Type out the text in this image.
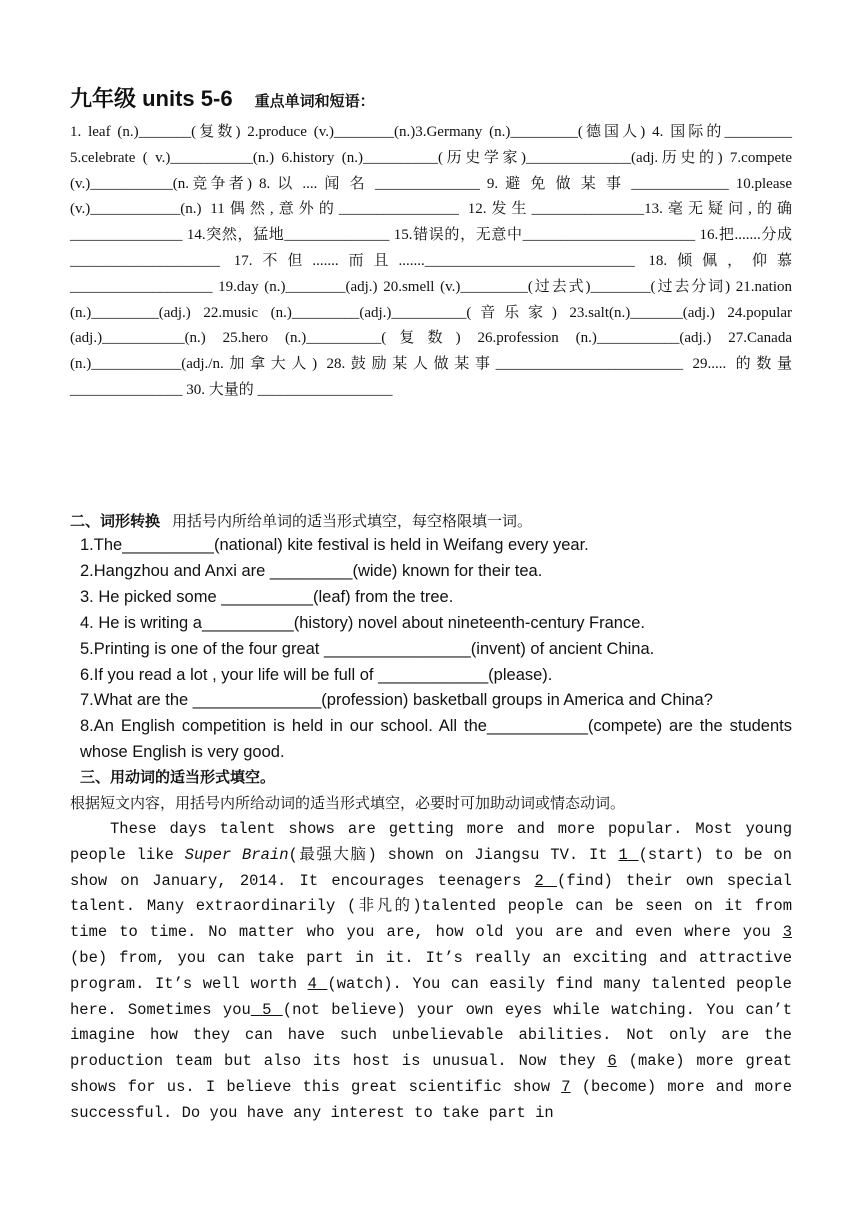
九年级 units 5-6 重点单词和短语：
1. leaf (n.)_______(复数) 2.produce (v.)________(n.)3.Germany (n.)_________(德国人) 4. 国际的_________ 5.celebrate ( v.)___________(n.) 6.history (n.)__________(历史学家)______________(adj.历史的) 7.compete (v.)___________(n.竞争者) 8. 以 .... 闻 名 ______________ 9. 避 免 做 某 事 _____________ 10.please (v.)____________(n.) 11偶然,意外的________________ 12.发生_______________13.毫无疑问,的确_______________ 14.突然，猛地______________ 15.错误的，无意中_______________________ 16.把.......分成____________________ 17.不但.......而且.......____________________________ 18.倾佩，仰慕___________________ 19.day (n.)________(adj.) 20.smell (v.)_________(过去式)________(过去分词) 21.nation (n.)_________(adj.) 22.music (n.)_________(adj.)__________(音乐家) 23.salt(n.)_______(adj.) 24.popular (adj.)___________(n.) 25.hero (n.)__________(复数) 26.profession (n.)___________(adj.) 27.Canada (n.)____________(adj./n.加拿大人) 28.鼓励某人做某事_________________________ 29..... 的数量_______________ 30. 大量的 __________________
二、词形转换 用括号内所给单词的适当形式填空，每空格限填一词。
1.The__________(national) kite festival is held in Weifang every year.
2.Hangzhou and Anxi are _________(wide) known for their tea.
3. He picked some __________(leaf) from the tree.
4. He is writing a__________(history) novel about nineteenth-century France.
5.Printing is one of the four great ________________(invent) of ancient China.
6.If you read a lot , your life will be full of ____________(please).
7.What are the ______________(profession) basketball groups in America and China?
8.An English competition is held in our school. All the___________(compete) are the students whose English is very good.
三、用动词的适当形式填空。
根据短文内容，用括号内所给动词的适当形式填空，必要时可加助动词或情态动词。

These days talent shows are getting more and more popular. Most young people like Super Brain(最强大脑) shown on Jiangsu TV. It 1 (start) to be on show on January, 2014. It encourages teenagers 2 (find) their own special talent. Many extraordinarily (非凡的)talented people can be seen on it from time to time. No matter who you are, how old you are and even where you 3 (be) from, you can take part in it. It’s really an exciting and attractive program. It’s well worth 4 (watch). You can easily find many talented people here. Sometimes you 5 (not believe) your own eyes while watching. You can’t imagine how they can have such unbelievable abilities. Not only are the production team but also its host is unusual. Now they 6 (make) more great shows for us. I believe this great scientific show 7 (become) more and more successful. Do you have any interest to take part in
